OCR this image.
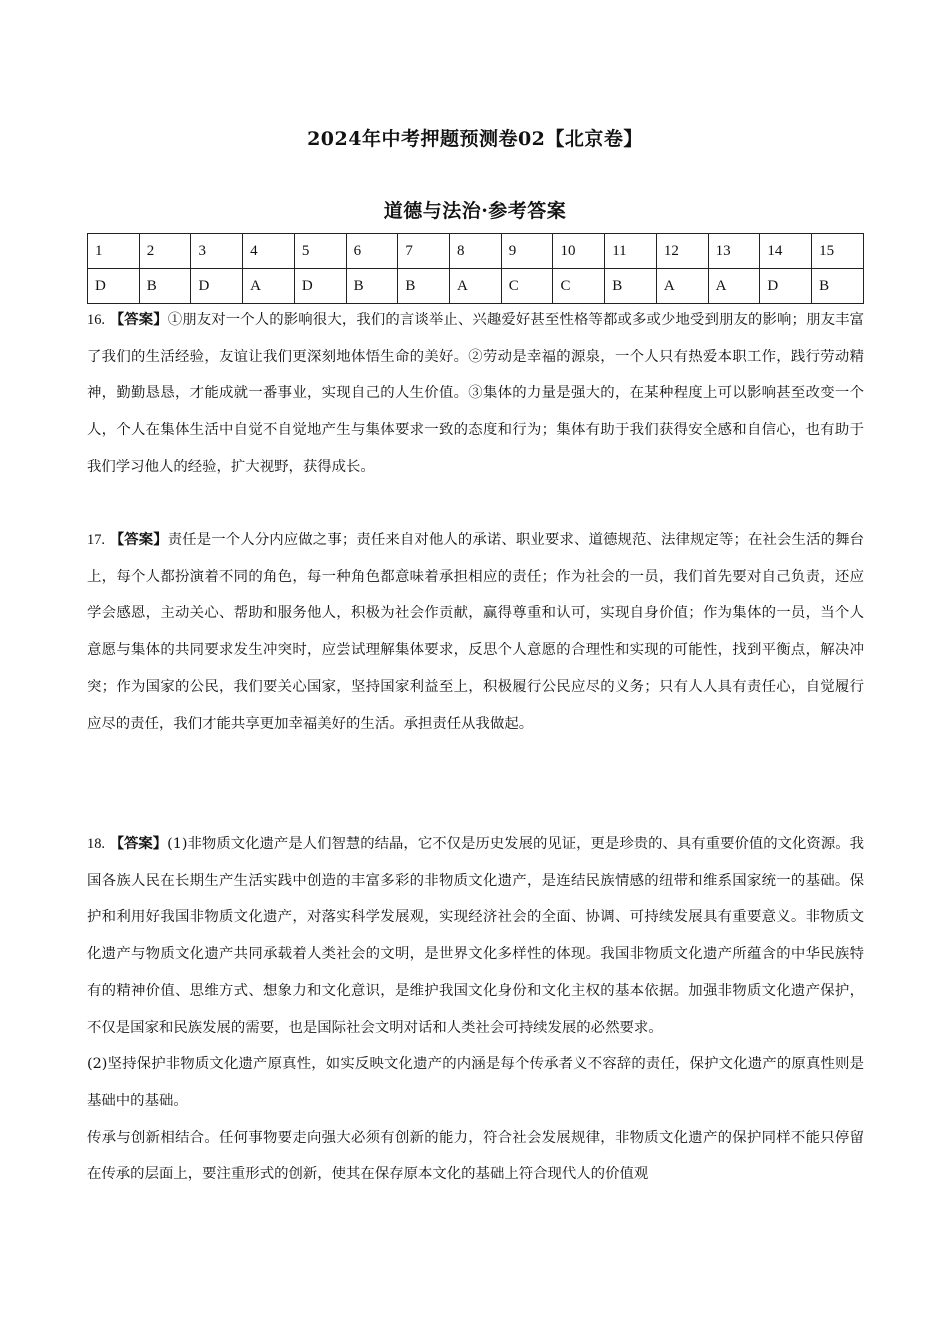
2024年中考押题预测卷02【北京卷】
道德与法治·参考答案
1	2	3	4	5	6	7	8	9	10	11	12	13	14	15
D	B	D	A	D	B	B	A	C	C	B	A	A	D	B

16. 【答案】①朋友对一个人的影响很大，我们的言谈举止、兴趣爱好甚至性格等都或多或少地受到朋友的影响；朋友丰富了我们的生活经验，友谊让我们更深刻地体悟生命的美好。②劳动是幸福的源泉，一个人只有热爱本职工作，践行劳动精神，勤勤恳恳，才能成就一番事业，实现自己的人生价值。③集体的力量是强大的，在某种程度上可以影响甚至改变一个人，个人在集体生活中自觉不自觉地产生与集体要求一致的态度和行为；集体有助于我们获得安全感和自信心，也有助于我们学习他人的经验，扩大视野，获得成长。

17. 【答案】责任是一个人分内应做之事；责任来自对他人的承诺、职业要求、道德规范、法律规定等；在社会生活的舞台上，每个人都扮演着不同的角色，每一种角色都意味着承担相应的责任；作为社会的一员，我们首先要对自己负责，还应学会感恩，主动关心、帮助和服务他人，积极为社会作贡献，赢得尊重和认可，实现自身价值；作为集体的一员，当个人意愿与集体的共同要求发生冲突时，应尝试理解集体要求，反思个人意愿的合理性和实现的可能性，找到平衡点，解决冲突；作为国家的公民，我们要关心国家，坚持国家利益至上，积极履行公民应尽的义务；只有人人具有责任心，自觉履行应尽的责任，我们才能共享更加幸福美好的生活。承担责任从我做起。

18. 【答案】(1)非物质文化遗产是人们智慧的结晶，它不仅是历史发展的见证，更是珍贵的、具有重要价值的文化资源。我国各族人民在长期生产生活实践中创造的丰富多彩的非物质文化遗产，是连结民族情感的纽带和维系国家统一的基础。保护和利用好我国非物质文化遗产，对落实科学发展观，实现经济社会的全面、协调、可持续发展具有重要意义。非物质文化遗产与物质文化遗产共同承载着人类社会的文明，是世界文化多样性的体现。我国非物质文化遗产所蕴含的中华民族特有的精神价值、思维方式、想象力和文化意识，是维护我国文化身份和文化主权的基本依据。加强非物质文化遗产保护，不仅是国家和民族发展的需要，也是国际社会文明对话和人类社会可持续发展的必然要求。

(2)坚持保护非物质文化遗产原真性，如实反映文化遗产的内涵是每个传承者义不容辞的责任，保护文化遗产的原真性则是基础中的基础。

传承与创新相结合。任何事物要走向强大必须有创新的能力，符合社会发展规律，非物质文化遗产的保护同样不能只停留在传承的层面上，要注重形式的创新，使其在保存原本文化的基础上符合现代人的价值观
